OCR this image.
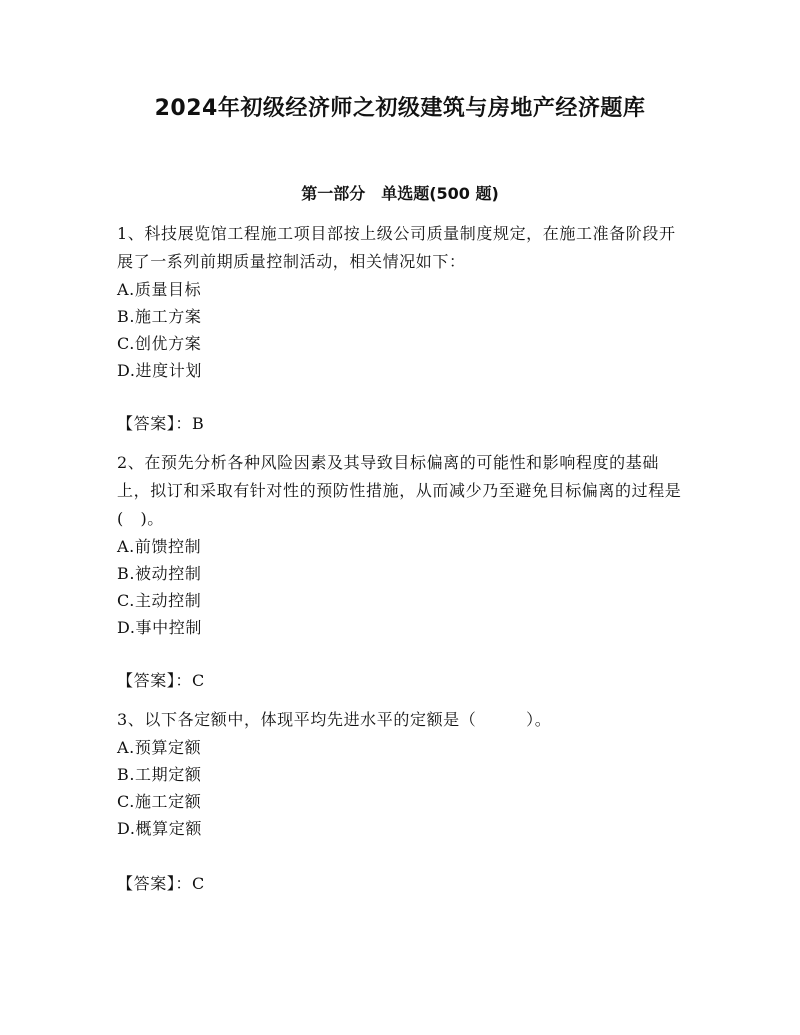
2024年初级经济师之初级建筑与房地产经济题库
第一部分　单选题(500 题)

1、科技展览馆工程施工项目部按上级公司质量制度规定，在施工准备阶段开展了一系列前期质量控制活动，相关情况如下：

A.质量目标

B.施工方案

C.创优方案

D.进度计划

【答案】：B

2、在预先分析各种风险因素及其导致目标偏离的可能性和影响程度的基础上，拟订和采取有针对性的预防性措施，从而减少乃至避免目标偏离的过程是(　)。

A.前馈控制

B.被动控制

C.主动控制

D.事中控制

【答案】：C

3、以下各定额中，体现平均先进水平的定额是（　　　）。

A.预算定额

B.工期定额

C.施工定额

D.概算定额

【答案】：C
